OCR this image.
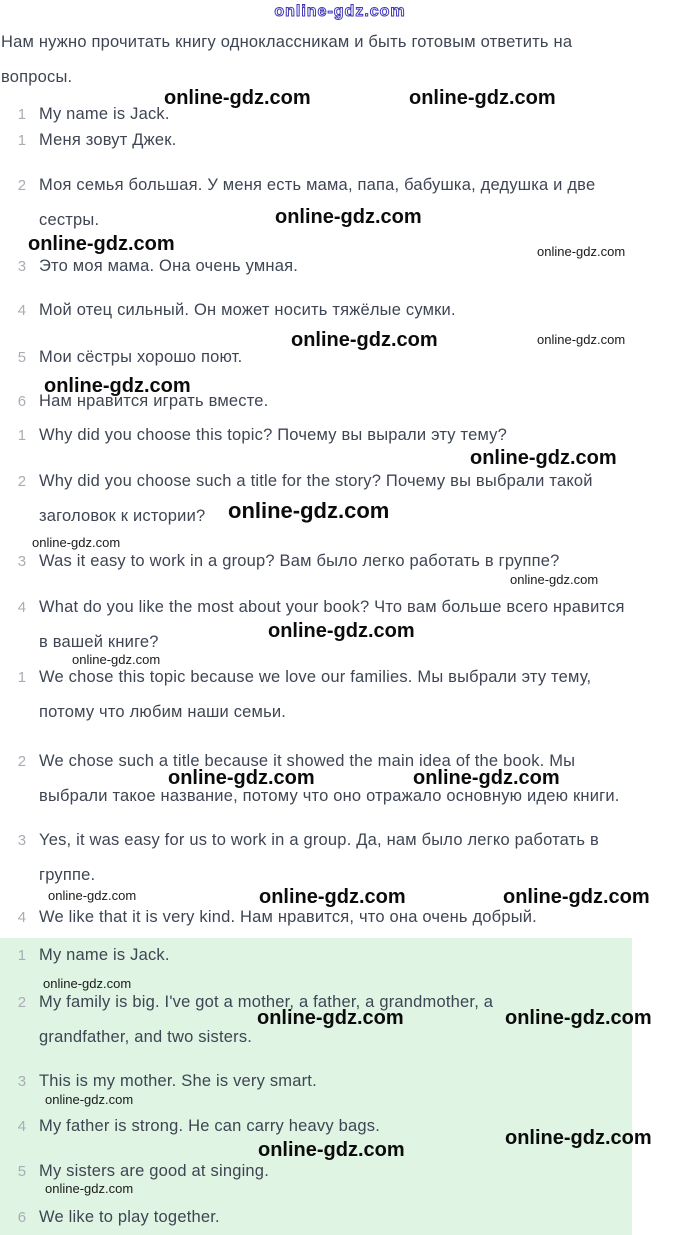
online-gdz.com
Нам нужно прочитать книгу одноклассникам и быть готовым ответить на
вопросы.
1 My name is Jack.
1 Меня зовут Джек.
2 Моя семья большая. У меня есть мама, папа, бабушка, дедушка и две
сестры.
3 Это моя мама. Она очень умная.
4 Мой отец сильный. Он может носить тяжёлые сумки.
5 Мои сёстры хорошо поют.
6 Нам нравится играть вместе.
1 Why did you choose this topic? Почему вы вырали эту тему?
2 Why did you choose such a title for the story? Почему вы выбрали такой
заголовок к истории?
3 Was it easy to work in a group? Вам было легко работать в группе?
4 What do you like the most about your book? Что вам больше всего нравится
в вашей книге?
1 We chose this topic because we love our families. Мы выбрали эту тему,
потому что любим наши семьи.
2 We chose such a title because it showed the main idea of the book. Мы
выбрали такое название, потому что оно отражало основную идею книги.
3 Yes, it was easy for us to work in a group. Да, нам было легко работать в
группе.
4 We like that it is very kind. Нам нравится, что она очень добрый.
1 My name is Jack.
2 My family is big. I've got a mother, a father, a grandmother, a
grandfather, and two sisters.
3 This is my mother. She is very smart.
4 My father is strong. He can carry heavy bags.
5 My sisters are good at singing.
6 We like to play together.
online-gdz.com	online-gdz.com
online-gdz.com
online-gdz.com
online-gdz.com
online-gdz.com
online-gdz.com
online-gdz.com
online-gdz.com
online-gdz.com	online-gdz.com
online-gdz.com	online-gdz.com
online-gdz.com	online-gdz.com
online-gdz.com
online-gdz.com
online-gdz.com
online-gdz.com
online-gdz.com
online-gdz.com
online-gdz.com
online-gdz.com
online-gdz.com
online-gdz.com
online-gdz.com
